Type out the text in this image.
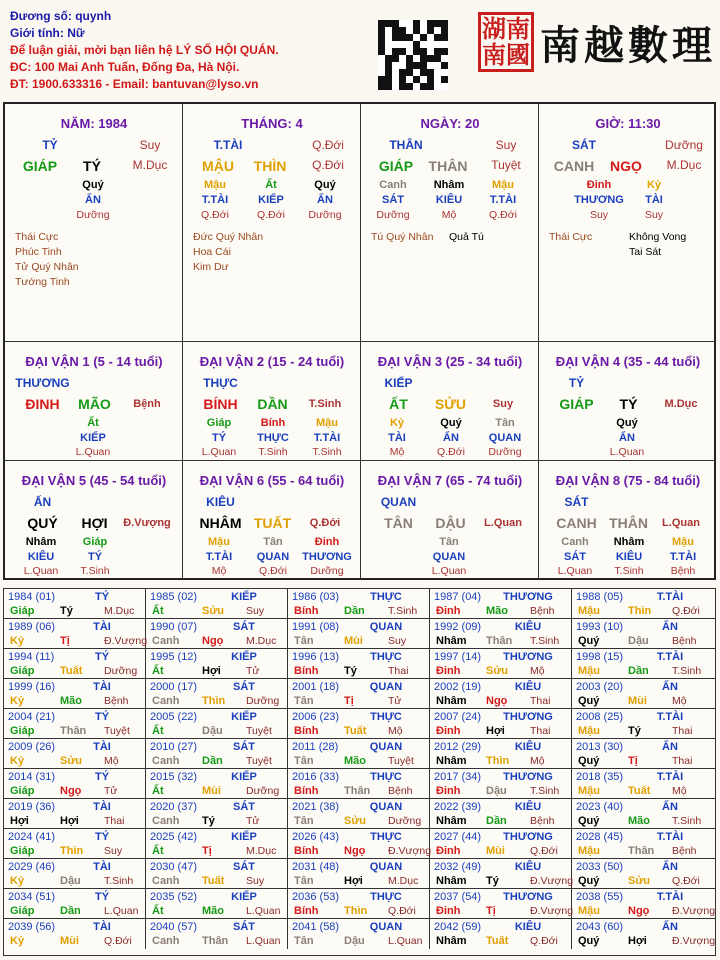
Đương số: quynh
Giới tính: Nữ
Để luận giải, mời bạn liên hệ LÝ SỐ HỘI QUÁN.
ĐC: 100 Mai Anh Tuấn, Đống Đa, Hà Nội.
ĐT: 1900.633316 - Email: bantuvan@lyso.vn
湖南
南國 南越數理
NĂM: 1984
TỶ	Suy
GIÁP	TÝ	M.Dục
Quý
ẤN
Dưỡng
Thái Cực
Phúc Tinh
Tử Quý Nhân
Tướng Tinh
THÁNG: 4
T.TÀI	Q.Đới
MẬU	THÌN	Q.Đới
Mậu
T.TÀI
Q.Đới
Ất
KIẾP
Q.Đới
Quý
ẤN
Dưỡng
Đức Quý Nhân
Hoa Cái
Kim Dư
NGÀY: 20
THÂN	Suy
GIÁP	THÂN	Tuyệt
Canh
SÁT
Dưỡng
Nhâm
KIÊU
Mộ
Mậu
T.TÀI
Q.Đới
Tú Quý Nhân Quả Tú
GIỜ: 11:30
SÁT	Dưỡng
CANH	NGỌ	M.Dục
Đinh
THƯƠNG
Suy
Kỷ
TÀI
Suy
Thái Cực	Không Vong
Tai Sát
ĐẠI VẬN 1 (5 - 14 tuổi)
THƯƠNG
ĐINH	MÃO	Bệnh
Ất
KIẾP
L.Quan
ĐẠI VẬN 2 (15 - 24 tuổi)
THỰC
BÍNH	DẦN	T.Sinh
Giáp
TÝ
L.Quan
Bính
THỰC
T.Sinh
Mậu
T.TÀI
T.Sinh
ĐẠI VẬN 3 (25 - 34 tuổi)
KIẾP
ẤT	SỬU	Suy
Kỷ
TÀI
Mộ
Quý
ẤN
Q.Đới
Tân
QUAN
Dưỡng
ĐẠI VẬN 4 (35 - 44 tuổi)
TỶ
GIÁP	TÝ	M.Dục
Quý
ẤN
L.Quan
ĐẠI VẬN 5 (45 - 54 tuổi)
ẤN
QUÝ	HỢI	Đ.Vượng
Nhâm
KIÊU
L.Quan
Giáp
TÝ
T.Sinh
ĐẠI VẬN 6 (55 - 64 tuổi)
KIÊU
NHÂM TUẤT	Q.Đới
Mậu
T.TÀI
Mộ
Tân
QUAN
Q.Đới
Đinh
THƯƠNG
Dưỡng
ĐẠI VẬN 7 (65 - 74 tuổi)
QUAN
TÂN	DẬU	L.Quan
Tân
QUAN
L.Quan
ĐẠI VẬN 8 (75 - 84 tuổi)
SÁT
CANH THÂN	L.Quan
Canh
SÁT
L.Quan
Nhâm
KIÊU
T.Sinh
Mậu
T.TÀI
Bệnh
1984 (01)	TÝ
Giáp Tý	M.Dục
1985 (02)	KIẾP
Ất	Sửu Suy
1986 (03)	THỰC
Bính Dần T.Sinh
1987 (04)	THƯƠNG
Đinh Mão Bệnh
1988 (05)	T.TÀI
Mậu	Thìn Q.Đới
1989 (06)	TÀI
Kỷ	Tị	Đ.Vượng
1990 (07)	SÁT
Canh Ngọ M.Dục
1991 (08)	QUAN
Tân	Mùi Suy
1992 (09)	KIÊU
Nhâm Thân T.Sinh
1993 (10)	ẤN
Quý	Dậu Bệnh
1994 (11)	TÝ
Giáp Tuất Dưỡng
1995 (12)	KIẾP
Ất	Hợi Tử
1996 (13)	THỰC
Bính Tý	Thai
1997 (14)	THƯƠNG
Đinh Sửu Mộ
1998 (15)	T.TÀI
Mậu	Dần T.Sinh
1999 (16)	TÀI
Kỷ	Mão Bệnh
2000 (17)	SÁT
Canh Thìn Dưỡng
2001 (18)	QUAN
Tân	Tị	Tử
2002 (19)	KIÊU
Nhâm Ngọ Thai
2003 (20)	ẤN
Quý	Mùi Mộ
2004 (21)	TÝ
Giáp Thân Tuyệt
2005 (22)	KIẾP
Ất	Dậu Tuyệt
2006 (23)	THỰC
Bính Tuất Mộ
2007 (24)	THƯƠNG
Đinh Hợi Thai
2008 (25)	T.TÀI
Mậu	Tý	Thai
2009 (26)	TÀI
Kỷ	Sửu Mộ
2010 (27)	SÁT
Canh Dần Tuyệt
2011 (28)	QUAN
Tân	Mão Tuyệt
2012 (29)	KIÊU
Nhâm Thìn Mộ
2013 (30)	ẤN
Quý	Tị	Thai
2014 (31)	TÝ
Giáp Ngọ Tử
2015 (32)	KIẾP
Ất	Mùi Dưỡng
2016 (33)	THỰC
Bính Thân Bệnh
2017 (34)	THƯƠNG
Đinh Dậu T.Sinh
2018 (35)	T.TÀI
Mậu	Tuất Mộ
2019 (36)	TÀI
Hợi	Hợi Thai
2020 (37)	SÁT
Canh Tý	Tử
2021 (38)	QUAN
Tân	Sửu Dưỡng
2022 (39)	KIÊU
Nhâm Dần Bệnh
2023 (40)	ẤN
Quý	Mão T.Sinh
2024 (41)	TÝ
Giáp Thìn Suy
2025 (42)	KIẾP
Ất	Tị	M.Dục
2026 (43)	THỰC
Bính Ngọ Đ.Vượng
2027 (44)	THƯƠNG
Đinh Mùi Q.Đới
2028 (45)	T.TÀI
Mậu	Thân Bệnh
2029 (46)	TÀI
Kỷ	Dậu T.Sinh
2030 (47)	SÁT
Canh Tuất Suy
2031 (48)	QUAN
Tân	Hợi M.Dục
2032 (49)	KIÊU
Nhâm Tý	Đ.Vượng
2033 (50)	ẤN
Quý	Sửu Q.Đới
2034 (51)	TÝ
Giáp Dần L.Quan
2035 (52)	KIẾP
Ất	Mão L.Quan
2036 (53)	THỰC
Bính Thìn Q.Đới
2037 (54)	THƯƠNG
Đinh Tị	Đ.Vượng
2038 (55)	T.TÀI
Mậu	Ngọ Đ.Vượng
2039 (56)	TÀI
Kỷ	Mùi Q.Đới
2040 (57)	SÁT
Canh Thân L.Quan
2041 (58)	QUAN
Tân	Dậu L.Quan
2042 (59)	KIÊU
Nhâm Tuất Q.Đới
2043 (60)	ẤN
Quý	Hợi Đ.Vượng
